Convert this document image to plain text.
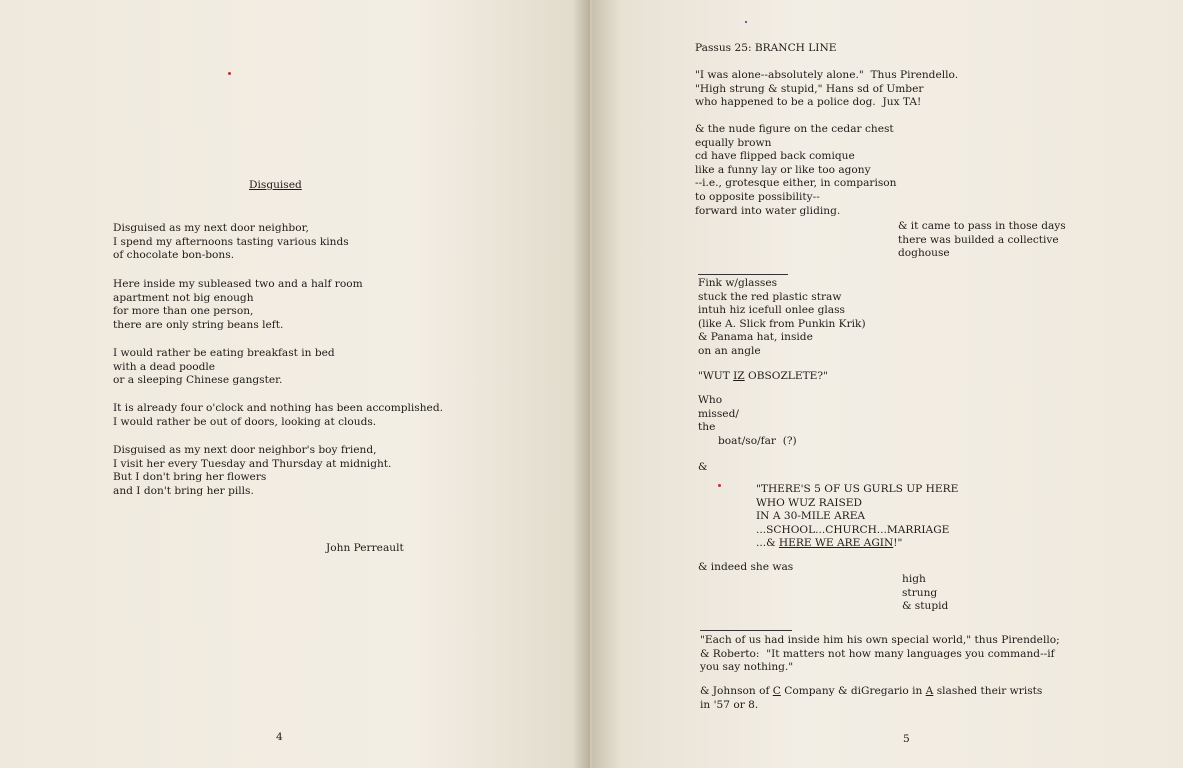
Disguised
Disguised as my next door neighbor,
I spend my afternoons tasting various kinds
of chocolate bon-bons.
Here inside my subleased two and a half room
apartment not big enough
for more than one person,
there are only string beans left.
I would rather be eating breakfast in bed
with a dead poodle
or a sleeping Chinese gangster.
It is already four o'clock and nothing has been accomplished.
I would rather be out of doors, looking at clouds.
Disguised as my next door neighbor's boy friend,
I visit her every Tuesday and Thursday at midnight.
But I don't bring her flowers
and I don't bring her pills.
John Perreault
4
Passus 25: BRANCH LINE
"I was alone--absolutely alone."  Thus Pirendello.
"High strung & stupid," Hans sd of Umber
who happened to be a police dog.  Jux TA!
& the nude figure on the cedar chest
equally brown
cd have flipped back comique
like a funny lay or like too agony
--i.e., grotesque either, in comparison
to opposite possibility--
forward into water gliding.
& it came to pass in those days
there was builded a collective
doghouse
Fink w/glasses
stuck the red plastic straw
intuh hiz icefull onlee glass
(like A. Slick from Punkin Krik)
& Panama hat, inside
on an angle
"WUT IZ OBSOZLETE?"
Who
missed/
the
boat/so/far  (?)
&
"THERE'S 5 OF US GURLS UP HERE
WHO WUZ RAISED
IN A 30-MILE AREA
...SCHOOL...CHURCH...MARRIAGE
...& HERE WE ARE AGIN!"
& indeed she was
high
strung
& stupid
"Each of us had inside him his own special world," thus Pirendello;
& Roberto:  "It matters not how many languages you command--if
you say nothing."
& Johnson of C Company & diGregario in A slashed their wrists
in '57 or 8.
5
